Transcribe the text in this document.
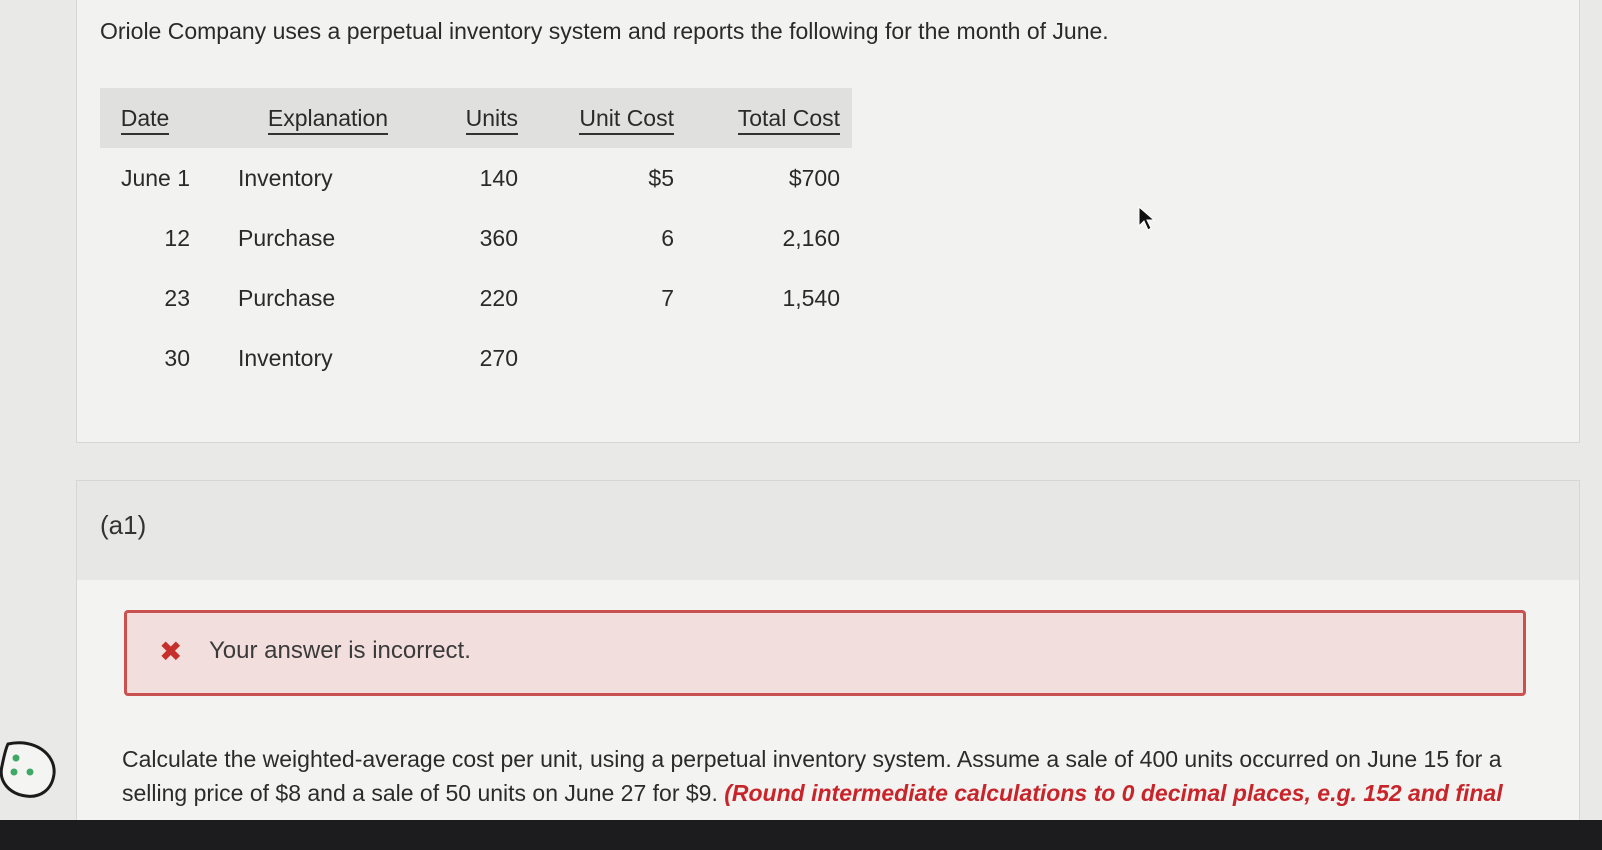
Oriole Company uses a perpetual inventory system and reports the following for the month of June.
Date	Explanation	Units	Unit Cost	Total Cost
June 1	Inventory	140	$5	$700
12	Purchase	360	6	2,160
23	Purchase	220	7	1,540
30	Inventory	270		
(a1)
✖ Your answer is incorrect.
Calculate the weighted-average cost per unit, using a perpetual inventory system. Assume a sale of 400 units occurred on June 15 for a selling price of $8 and a sale of 50 units on June 27 for $9. (Round intermediate calculations to 0 decimal places, e.g. 152 and final
